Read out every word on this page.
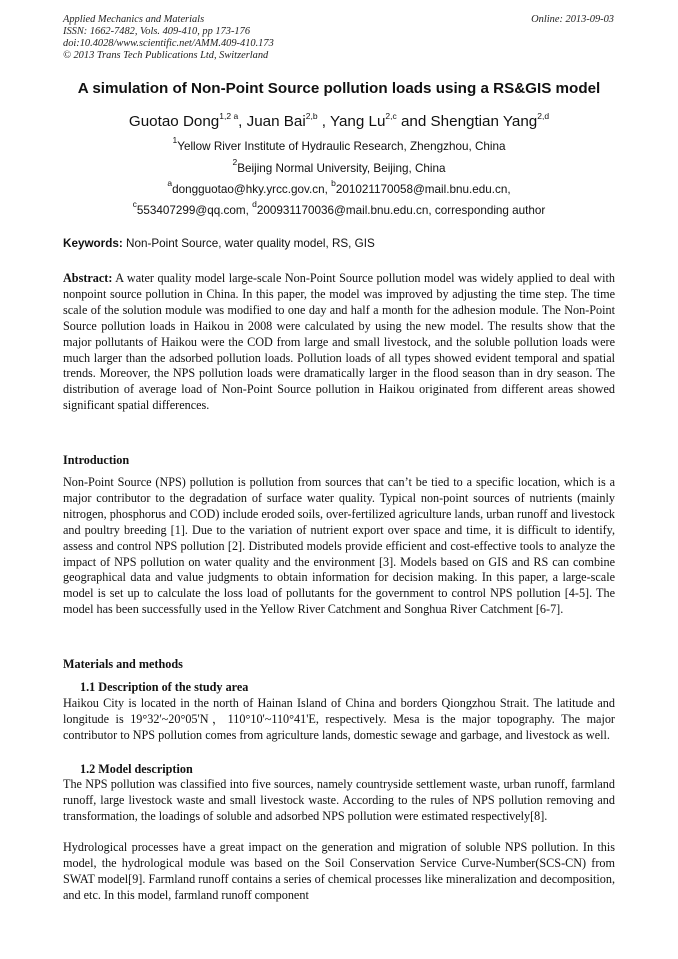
Applied Mechanics and Materials
ISSN: 1662-7482, Vols. 409-410, pp 173-176
doi:10.4028/www.scientific.net/AMM.409-410.173
© 2013 Trans Tech Publications Ltd, Switzerland
Online: 2013-09-03
A simulation of Non-Point Source pollution loads using a RS&GIS model
Guotao Dong$^{1,2 a}$, Juan Bai$^{2,b}$ , Yang Lu$^{2,c}$ and Shengtian Yang$^{2,d}$
$^1$Yellow River Institute of Hydraulic Research, Zhengzhou, China
$^2$Beijing Normal University, Beijing, China
$^a$dongguotao@hky.yrcc.gov.cn, $^b$201021170058@mail.bnu.edu.cn,
$^c$553407299@qq.com, $^d$200931170036@mail.bnu.edu.cn, corresponding author
Keywords: Non-Point Source, water quality model, RS, GIS

Abstract: A water quality model large-scale Non-Point Source pollution model was widely applied to deal with nonpoint source pollution in China. In this paper, the model was improved by adjusting the time step. The time scale of the solution module was modified to one day and half a month for the adhesion module. The Non-Point Source pollution loads in Haikou in 2008 were calculated by using the new model. The results show that the major pollutants of Haikou were the COD from large and small livestock, and the soluble pollution loads were much larger than the adsorbed pollution loads. Pollution loads of all types showed evident temporal and spatial trends. Moreover, the NPS pollution loads were dramatically larger in the flood season than in dry season. The distribution of average load of Non-Point Source pollution in Haikou originated from different areas showed significant spatial differences.

Introduction

Non-Point Source (NPS) pollution is pollution from sources that can’t be tied to a specific location, which is a major contributor to the degradation of surface water quality. Typical non-point sources of nutrients (mainly nitrogen, phosphorus and COD) include eroded soils, over-fertilized agriculture lands, urban runoff and livestock and poultry breeding [1]. Due to the variation of nutrient export over space and time, it is difficult to identify, assess and control NPS pollution [2]. Distributed models provide efficient and cost-effective tools to analyze the impact of NPS pollution on water quality and the environment [3]. Models based on GIS and RS can combine geographical data and value judgments to obtain information for decision making. In this paper, a large-scale model is set up to calculate the loss load of pollutants for the government to control NPS pollution [4-5]. The model has been successfully used in the Yellow River Catchment and Songhua River Catchment [6-7].

Materials and methods

1.1 Description of the study area

Haikou City is located in the north of Hainan Island of China and borders Qiongzhou Strait. The latitude and longitude is 19°32'~20°05'N，110°10'~110°41'E, respectively. Mesa is the major topography. The major contributor to NPS pollution comes from agriculture lands, domestic sewage and garbage, and livestock as well.

1.2 Model description

The NPS pollution was classified into five sources, namely countryside settlement waste, urban runoff, farmland runoff, large livestock waste and small livestock waste. According to the rules of NPS pollution removing and transformation, the loadings of soluble and adsorbed NPS pollution were estimated respectively[8].

Hydrological processes have a great impact on the generation and migration of soluble NPS pollution. In this model, the hydrological module was based on the Soil Conservation Service Curve-Number(SCS-CN) from SWAT model[9]. Farmland runoff contains a series of chemical processes like mineralization and decomposition, and etc. In this model, farmland runoff component
